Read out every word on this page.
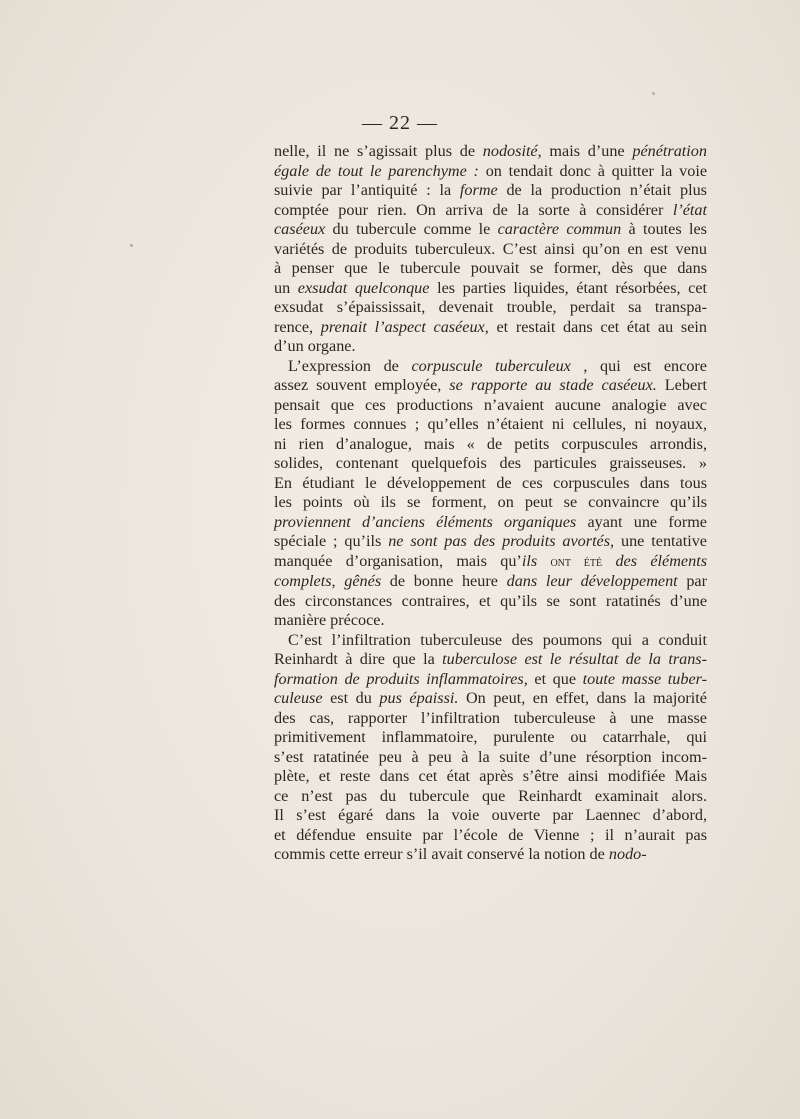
— 22 —
nelle, il ne s’agissait plus de nodosité, mais d’une pénétration
égale de tout le parenchyme : on tendait donc à quitter la voie
suivie par l’antiquité : la forme de la production n’était plus
comptée pour rien. On arriva de la sorte à considérer l’état
caséeux du tubercule comme le caractère commun à toutes les
variétés de produits tuberculeux. C’est ainsi qu’on en est venu
à penser que le tubercule pouvait se former, dès que dans
un exsudat quelconque les parties liquides, étant résorbées, cet
exsudat s’épaississait, devenait trouble, perdait sa transpa-
rence, prenait l’aspect caséeux, et restait dans cet état au sein
d’un organe.
L’expression de corpuscule tuberculeux , qui est encore
assez souvent employée, se rapporte au stade caséeux. Lebert
pensait que ces productions n’avaient aucune analogie avec
les formes connues ; qu’elles n’étaient ni cellules, ni noyaux,
ni rien d’analogue, mais « de petits corpuscules arrondis,
solides, contenant quelquefois des particules graisseuses. »
En étudiant le développement de ces corpuscules dans tous
les points où ils se forment, on peut se convaincre qu’ils
proviennent d’anciens éléments organiques ayant une forme
spéciale ; qu’ils ne sont pas des produits avortés, une tentative
manquée d’organisation, mais qu’ils ont été des éléments
complets, gênés de bonne heure dans leur développement par
des circonstances contraires, et qu’ils se sont ratatinés d’une
manière précoce.
C’est l’infiltration tuberculeuse des poumons qui a conduit
Reinhardt à dire que la tuberculose est le résultat de la trans-
formation de produits inflammatoires, et que toute masse tuber-
culeuse est du pus épaissi. On peut, en effet, dans la majorité
des cas, rapporter l’infiltration tuberculeuse à une masse
primitivement inflammatoire, purulente ou catarrhale, qui
s’est ratatinée peu à peu à la suite d’une résorption incom-
plète, et reste dans cet état après s’être ainsi modifiée Mais
ce n’est pas du tubercule que Reinhardt examinait alors.
Il s’est égaré dans la voie ouverte par Laennec d’abord,
et défendue ensuite par l’école de Vienne ; il n’aurait pas
commis cette erreur s’il avait conservé la notion de nodo-
